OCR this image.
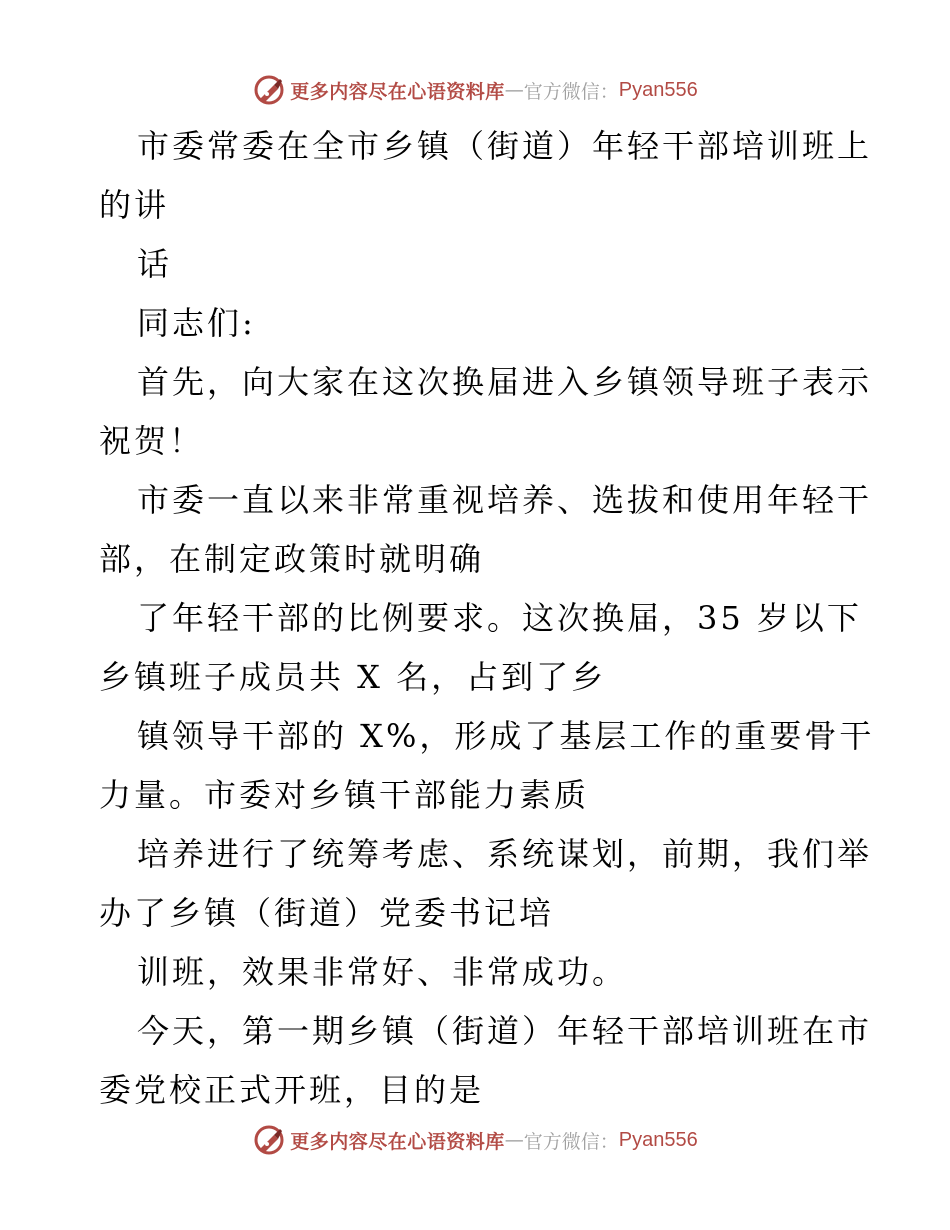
更多内容尽在心语资料库 — 官方微信： Pyan556
市委常委在全市乡镇（街道）年轻干部培训班上
的讲
话
同志们:
首先，向大家在这次换届进入乡镇领导班子表示
祝贺！
市委一直以来非常重视培养、选拔和使用年轻干
部，在制定政策时就明确
了年轻干部的比例要求。这次换届，35 岁以下
乡镇班子成员共 X 名，占到了乡
镇领导干部的 X%，形成了基层工作的重要骨干
力量。市委对乡镇干部能力素质
培养进行了统筹考虑、系统谋划，前期，我们举
办了乡镇（街道）党委书记培
训班，效果非常好、非常成功。
今天，第一期乡镇（街道）年轻干部培训班在市
委党校正式开班，目的是
更多内容尽在心语资料库 — 官方微信： Pyan556
